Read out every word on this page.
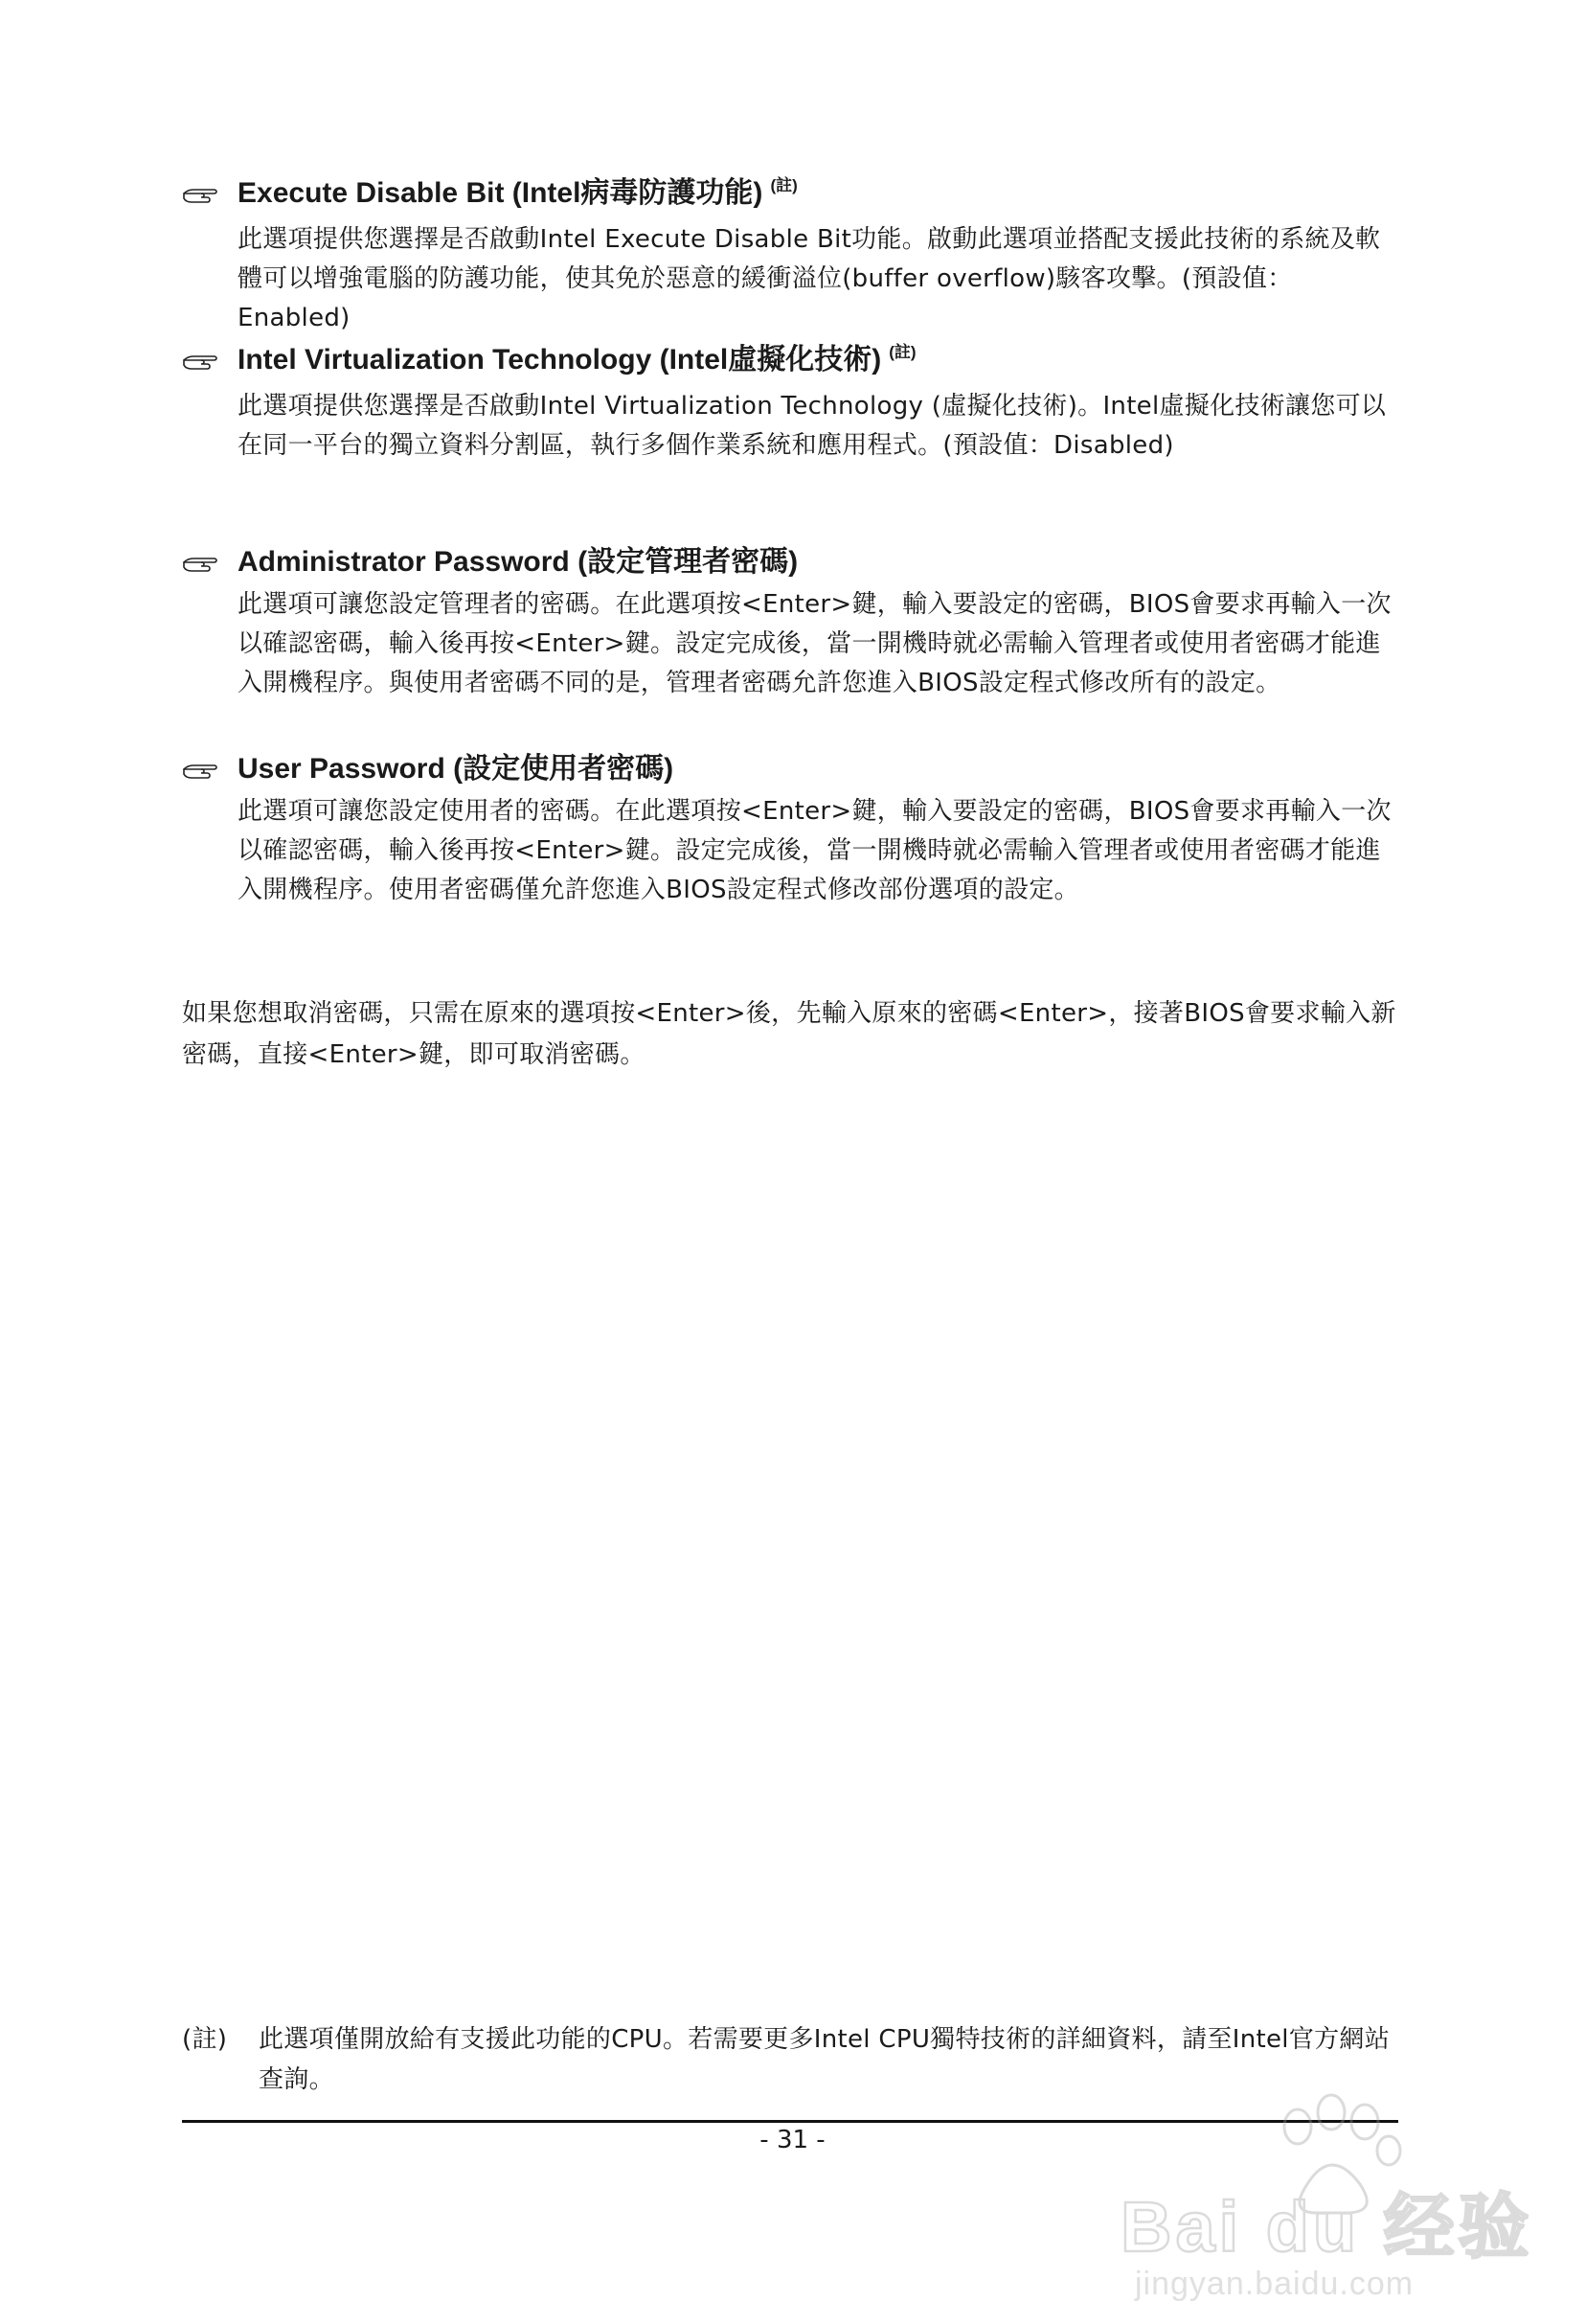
Execute Disable Bit (Intel病毒防護功能) (註)
此選項提供您選擇是否啟動Intel Execute Disable Bit功能。啟動此選項並搭配支援此技術的系統及軟體可以增強電腦的防護功能，使其免於惡意的緩衝溢位(buffer overflow)駭客攻擊。(預設值：Enabled)
Intel Virtualization Technology (Intel虛擬化技術) (註)
此選項提供您選擇是否啟動Intel Virtualization Technology (虛擬化技術)。Intel虛擬化技術讓您可以在同一平台的獨立資料分割區，執行多個作業系統和應用程式。(預設值：Disabled)
Administrator Password (設定管理者密碼)
此選項可讓您設定管理者的密碼。在此選項按<Enter>鍵，輸入要設定的密碼，BIOS會要求再輸入一次以確認密碼，輸入後再按<Enter>鍵。設定完成後，當一開機時就必需輸入管理者或使用者密碼才能進入開機程序。與使用者密碼不同的是，管理者密碼允許您進入BIOS設定程式修改所有的設定。
User Password (設定使用者密碼)
此選項可讓您設定使用者的密碼。在此選項按<Enter>鍵，輸入要設定的密碼，BIOS會要求再輸入一次以確認密碼，輸入後再按<Enter>鍵。設定完成後，當一開機時就必需輸入管理者或使用者密碼才能進入開機程序。使用者密碼僅允許您進入BIOS設定程式修改部份選項的設定。
如果您想取消密碼，只需在原來的選項按<Enter>後，先輸入原來的密碼<Enter>，接著BIOS會要求輸入新密碼，直接<Enter>鍵，即可取消密碼。
(註)	此選項僅開放給有支援此功能的CPU。若需要更多Intel CPU獨特技術的詳細資料，請至Intel官方網站查詢。
- 31 -
Bai du 经验
jingyan.baidu.com
